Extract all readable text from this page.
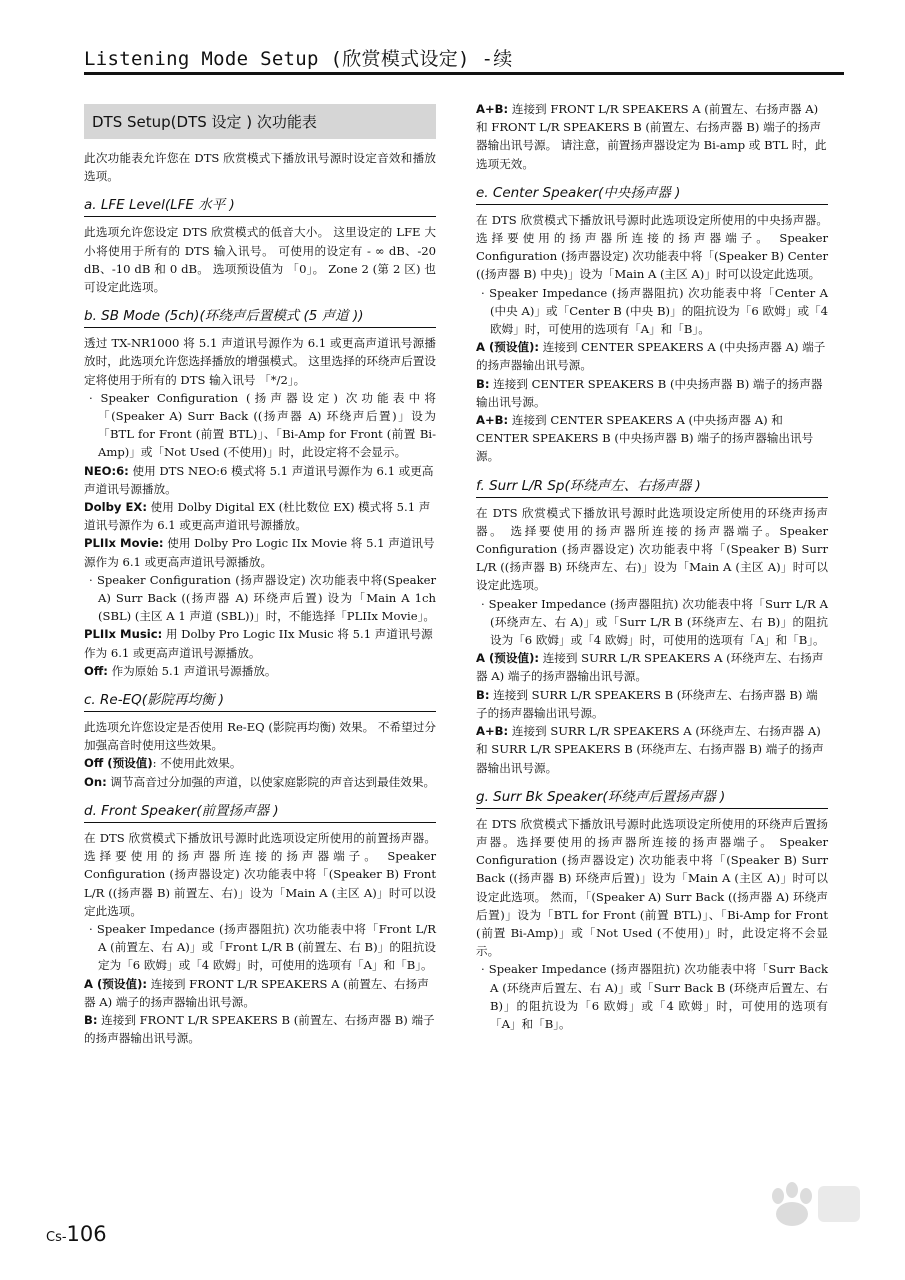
Listening Mode Setup (欣赏模式设定) -续
DTS Setup(DTS 设定 ) 次功能表

此次功能表允许您在 DTS 欣赏模式下播放讯号源时设定音效和播放选项。

a. LFE Level(LFE 水平 )

此选项允许您设定 DTS 欣赏模式的低音大小。 这里设定的 LFE 大小将使用于所有的 DTS 输入讯号。 可使用的设定有 - ∞ dB、-20 dB、-10 dB 和 0 dB。 选项预设值为 「0」。 Zone 2 (第 2 区) 也可设定此选项。

b. SB Mode (5ch)(环绕声后置模式 (5 声道 ))

透过 TX-NR1000 将 5.1 声道讯号源作为 6.1 或更高声道讯号源播放时，此选项允许您选择播放的增强模式。 这里选择的环绕声后置设定将使用于所有的 DTS 输入讯号 「*/2」。

· Speaker Configuration (扬声器设定) 次功能表中将「(Speaker A) Surr Back ((扬声器 A) 环绕声后置)」设为「BTL for Front (前置 BTL)」、「Bi-Amp for Front (前置 Bi-Amp)」或「Not Used (不使用)」时，此设定将不会显示。

NEO:6: 使用 DTS NEO:6 模式将 5.1 声道讯号源作为 6.1 或更高声道讯号源播放。

Dolby EX: 使用 Dolby Digital EX (杜比数位 EX) 模式将 5.1 声道讯号源作为 6.1 或更高声道讯号源播放。

PLIIx Movie: 使用 Dolby Pro Logic IIx Movie 将 5.1 声道讯号源作为 6.1 或更高声道讯号源播放。

· Speaker Configuration (扬声器设定) 次功能表中将(Speaker A) Surr Back ((扬声器 A) 环绕声后置) 设为「Main A 1ch (SBL) (主区 A 1 声道 (SBL))」时，不能选择「PLIIx Movie」。

PLIIx Music: 用 Dolby Pro Logic IIx Music 将 5.1 声道讯号源作为 6.1 或更高声道讯号源播放。

Off: 作为原始 5.1 声道讯号源播放。

c. Re-EQ(影院再均衡 )

此选项允许您设定是否使用 Re-EQ (影院再均衡) 效果。 不希望过分加强高音时使用这些效果。

Off (预设值): 不使用此效果。

On: 调节高音过分加强的声道，以使家庭影院的声音达到最佳效果。

d. Front Speaker(前置扬声器 )

在 DTS 欣赏模式下播放讯号源时此选项设定所使用的前置扬声器。 选择要使用的扬声器所连接的扬声器端子。 Speaker Configuration (扬声器设定) 次功能表中将「(Speaker B) Front L/R ((扬声器 B) 前置左、右)」设为「Main A (主区 A)」时可以设定此选项。

· Speaker Impedance (扬声器阻抗) 次功能表中将「Front L/R A (前置左、右 A)」或「Front L/R B (前置左、右 B)」的阻抗设定为「6 欧姆」或「4 欧姆」时，可使用的选项有「A」和「B」。

A (预设值): 连接到 FRONT L/R SPEAKERS A (前置左、右扬声器 A) 端子的扬声器输出讯号源。

B: 连接到 FRONT L/R SPEAKERS B (前置左、右扬声器 B) 端子的扬声器输出讯号源。

A+B: 连接到 FRONT L/R SPEAKERS A (前置左、右扬声器 A) 和 FRONT L/R SPEAKERS B (前置左、右扬声器 B) 端子的扬声器输出讯号源。 请注意，前置扬声器设定为 Bi-amp 或 BTL 时，此选项无效。

e. Center Speaker(中央扬声器 )

在 DTS 欣赏模式下播放讯号源时此选项设定所使用的中央扬声器。 选择要使用的扬声器所连接的扬声器端子。 Speaker Configuration (扬声器设定) 次功能表中将「(Speaker B) Center ((扬声器 B) 中央)」设为「Main A (主区 A)」时可以设定此选项。

· Speaker Impedance (扬声器阻抗) 次功能表中将「Center A (中央 A)」或「Center B (中央 B)」的阻抗设为「6 欧姆」或「4 欧姆」时，可使用的选项有「A」和「B」。

A (预设值): 连接到 CENTER SPEAKERS A (中央扬声器 A) 端子的扬声器输出讯号源。

B: 连接到 CENTER SPEAKERS B (中央扬声器 B) 端子的扬声器输出讯号源。

A+B: 连接到 CENTER SPEAKERS A (中央扬声器 A) 和 CENTER SPEAKERS B (中央扬声器 B) 端子的扬声器输出讯号源。

f. Surr L/R Sp(环绕声左、右扬声器 )

在 DTS 欣赏模式下播放讯号源时此选项设定所使用的环绕声扬声器。 选择要使用的扬声器所连接的扬声器端子。Speaker Configuration (扬声器设定) 次功能表中将「(Speaker B) Surr L/R ((扬声器 B) 环绕声左、右)」设为「Main A (主区 A)」时可以设定此选项。

· Speaker Impedance (扬声器阻抗) 次功能表中将「Surr L/R A (环绕声左、右 A)」或「Surr L/R B (环绕声左、右 B)」的阻抗设为「6 欧姆」或「4 欧姆」时，可使用的选项有「A」和「B」。

A (预设值): 连接到 SURR L/R SPEAKERS A (环绕声左、右扬声器 A) 端子的扬声器输出讯号源。

B: 连接到 SURR L/R SPEAKERS B (环绕声左、右扬声器 B) 端子的扬声器输出讯号源。

A+B: 连接到 SURR L/R SPEAKERS A (环绕声左、右扬声器 A) 和 SURR L/R SPEAKERS B (环绕声左、右扬声器 B) 端子的扬声器输出讯号源。

g. Surr Bk Speaker(环绕声后置扬声器 )

在 DTS 欣赏模式下播放讯号源时此选项设定所使用的环绕声后置扬声器。选择要使用的扬声器所连接的扬声器端子。 Speaker Configuration (扬声器设定) 次功能表中将「(Speaker B) Surr Back ((扬声器 B) 环绕声后置)」设为「Main A (主区 A)」时可以设定此选项。 然而，「(Speaker A) Surr Back ((扬声器 A) 环绕声后置)」设为「BTL for Front (前置 BTL)」、「Bi-Amp for Front (前置 Bi-Amp)」或「Not Used (不使用)」时，此设定将不会显示。

· Speaker Impedance (扬声器阻抗) 次功能表中将「Surr Back A (环绕声后置左、右 A)」或「Surr Back B (环绕声后置左、右 B)」的阻抗设为「6 欧姆」或「4 欧姆」时，可使用的选项有「A」和「B」。

Cs-106
